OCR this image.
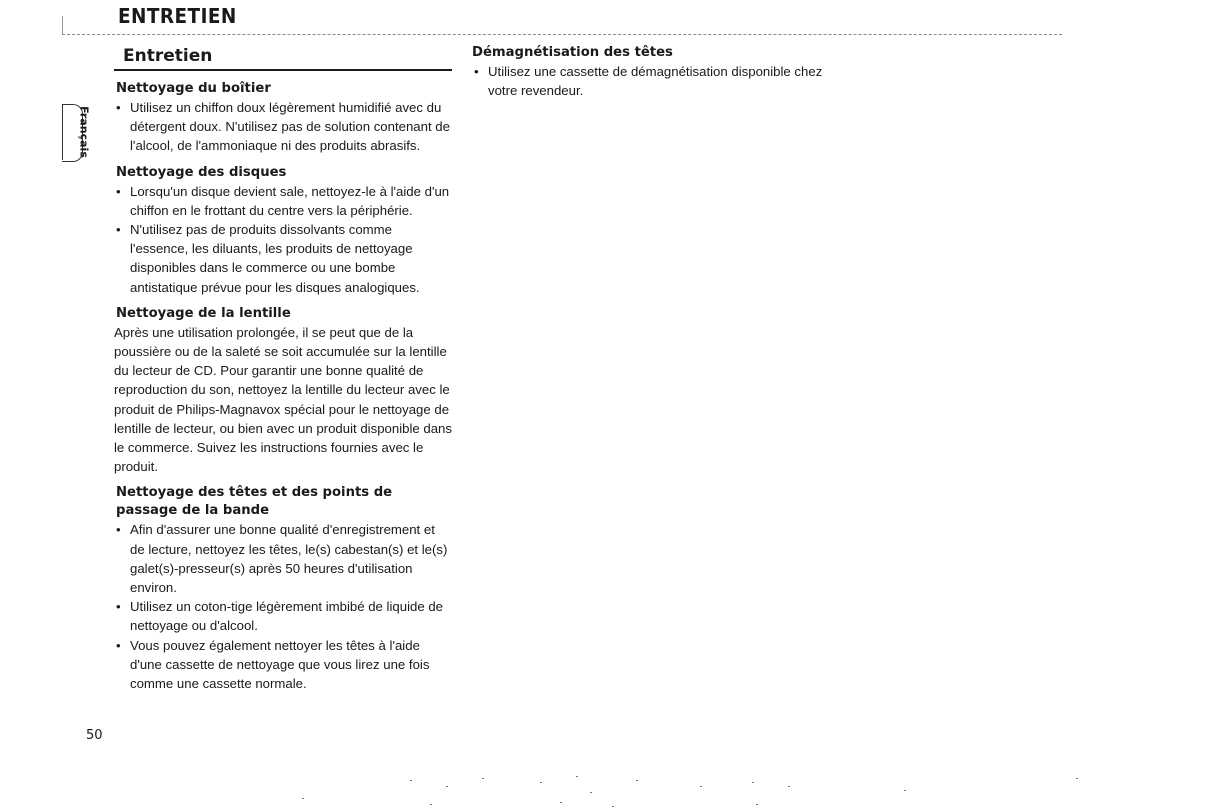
ENTRETIEN
Français
Entretien

Nettoyage du boîtier

• Utilisez un chiffon doux légèrement humidifié avec du détergent doux. N'utilisez pas de solution contenant de l'alcool, de l'ammoniaque ni des produits abrasifs.

Nettoyage des disques

• Lorsqu'un disque devient sale, nettoyez-le à l'aide d'un chiffon en le frottant du centre vers la périphérie.
• N'utilisez pas de produits dissolvants comme l'essence, les diluants, les produits de nettoyage disponibles dans le commerce ou une bombe antistatique prévue pour les disques analogiques.

Nettoyage de la lentille

Après une utilisation prolongée, il se peut que de la poussière ou de la saleté se soit accumulée sur la lentille du lecteur de CD. Pour garantir une bonne qualité de reproduction du son, nettoyez la lentille du lecteur avec le produit de Philips-Magnavox spécial pour le nettoyage de lentille de lecteur, ou bien avec un produit disponible dans le commerce. Suivez les instructions fournies avec le produit.

Nettoyage des têtes et des points de passage de la bande

• Afin d'assurer une bonne qualité d'enregistrement et de lecture, nettoyez les têtes, le(s) cabestan(s) et le(s) galet(s)-presseur(s) après 50 heures d'utilisation environ.
• Utilisez un coton-tige légèrement imbibé de liquide de nettoyage ou d'alcool.
• Vous pouvez également nettoyer les têtes à l'aide d'une cassette de nettoyage que vous lirez une fois comme une cassette normale.

Démagnétisation des têtes

• Utilisez une cassette de démagnétisation disponible chez votre revendeur.
50
